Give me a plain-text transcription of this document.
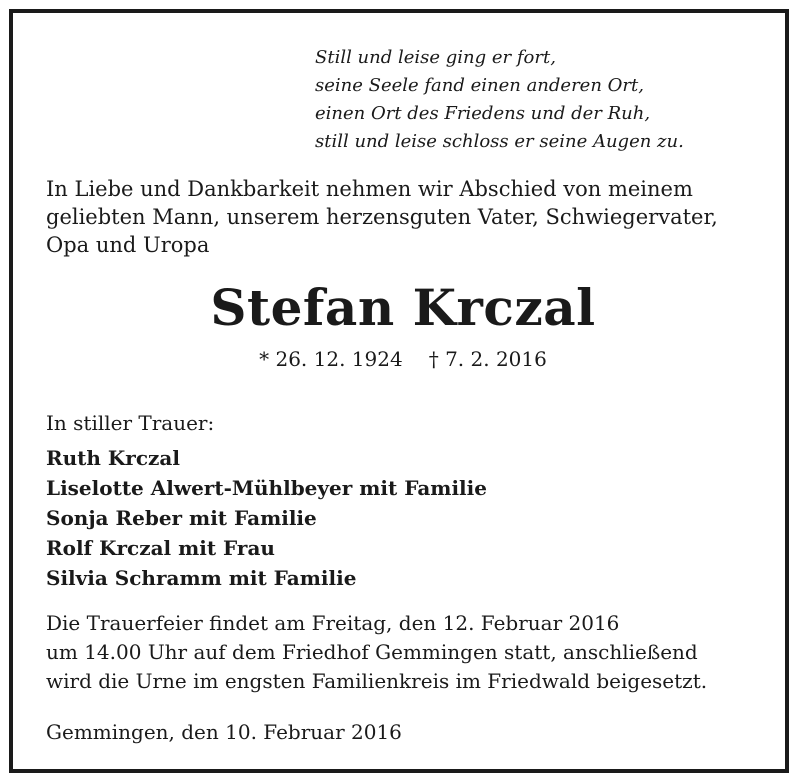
Still und leise ging er fort,
seine Seele fand einen anderen Ort,
einen Ort des Friedens und der Ruh,
still und leise schloss er seine Augen zu.
In Liebe und Dankbarkeit nehmen wir Abschied von meinem
geliebten Mann, unserem herzensguten Vater, Schwiegervater,
Opa und Uropa
Stefan Krczal
* 26. 12. 1924 † 7. 2. 2016
In stiller Trauer:
Ruth Krczal
Liselotte Alwert-Mühlbeyer mit Familie
Sonja Reber mit Familie
Rolf Krczal mit Frau
Silvia Schramm mit Familie
Die Trauerfeier findet am Freitag, den 12. Februar 2016
um 14.00 Uhr auf dem Friedhof Gemmingen statt, anschließend
wird die Urne im engsten Familienkreis im Friedwald beigesetzt.
Gemmingen, den 10. Februar 2016
